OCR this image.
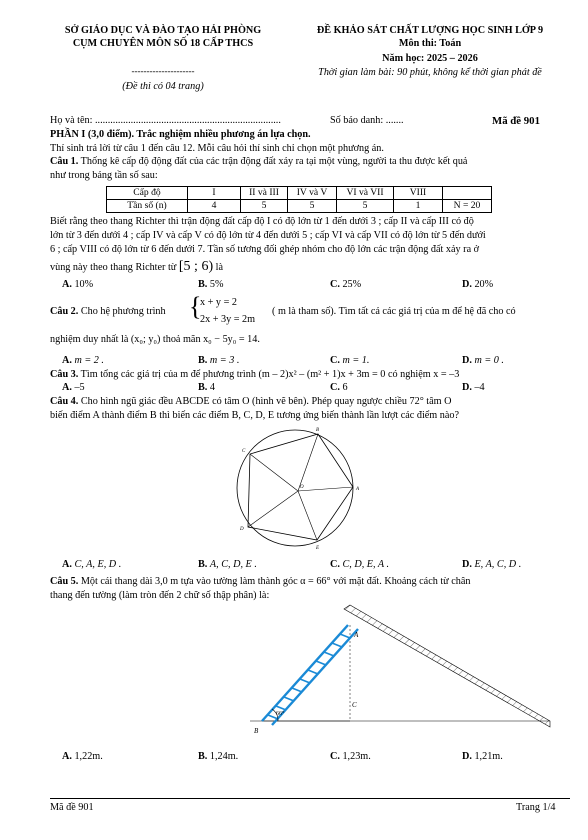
SỞ GIÁO DỤC VÀ ĐÀO TẠO HẢI PHÒNG
CỤM CHUYÊN MÔN SỐ 18 CẤP THCS
---------------------
(Đề thi có 04 trang)
ĐỀ KHẢO SÁT CHẤT LƯỢNG HỌC SINH LỚP 9
Môn thi: Toán
Năm học: 2025 – 2026
Thời gian làm bài: 90 phút, không kể thời gian phát đề
Họ và tên: .........................................................................	Số báo danh: .......	Mã đề 901
PHẦN I (3,0 điểm). Trắc nghiệm nhiều phương án lựa chọn.
Thí sinh trả lời từ câu 1 đến câu 12. Mỗi câu hỏi thí sinh chỉ chọn một phương án.
Câu 1. Thống kê cấp độ động đất của các trận động đất xảy ra tại một vùng, người ta thu được kết quả
như trong bảng tần số sau:
Cấp độ	I	II và III	IV và V	VI và VII	VIII	
Tần số (n)	4	5	5	5	1	N = 20
Biết rằng theo thang Richter thì trận động đất cấp độ I có độ lớn từ 1 đến dưới 3 ; cấp II và cấp III có độ
lớn từ 3 đến dưới 4 ; cấp IV và cấp V có độ lớn từ 4 đến dưới 5 ; cấp VI và cấp VII có độ lớn từ 5 đến dưới
6 ; cấp VIII có độ lớn từ 6 đến dưới 7. Tần số tương đối ghép nhóm cho độ lớn các trận động đất xảy ra ở
vùng này theo thang Richter từ [5 ; 6) là
A. 10%	B. 5%	C. 25%	D. 20%
Câu 2. Cho hệ phương trình {
x + y = 2
2x + 3y = 2m
( m là tham số). Tìm tất cả các giá trị của m để hệ đã cho có
nghiệm duy nhất là (x₀; y₀) thoả mãn x₀ − 5y₀ = 14.
A. m = 2 .	B. m = 3 .	C. m = 1.	D. m = 0 .
Câu 3. Tìm tổng các giá trị của m để phương trình (m – 2)x² – (m² + 1)x + 3m = 0 có nghiệm x = –3
A. –5	B. 4	C. 6	D. –4
Câu 4. Cho hình ngũ giác đều ABCDE có tâm O (hình vẽ bên). Phép quay ngược chiều 72° tâm O
biến điểm A thành điểm B thì biến các điểm B, C, D, E tương ứng biến thành lần lượt các điểm nào?
B
C
A
O
D
E
A. C, A, E, D .	B. A, C, D, E .	C. C, D, E, A .	D. E, A, C, D .
Câu 5. Một cái thang dài 3,0 m tựa vào tường làm thành góc α = 66° với mặt đất. Khoảng cách từ chân
thang đến tường (làm tròn đến 2 chữ số thập phân) là:
A
C
B
66°
A. 1,22m.	B. 1,24m.	C. 1,23m.	D. 1,21m.
Mã đề 901	Trang 1/4
